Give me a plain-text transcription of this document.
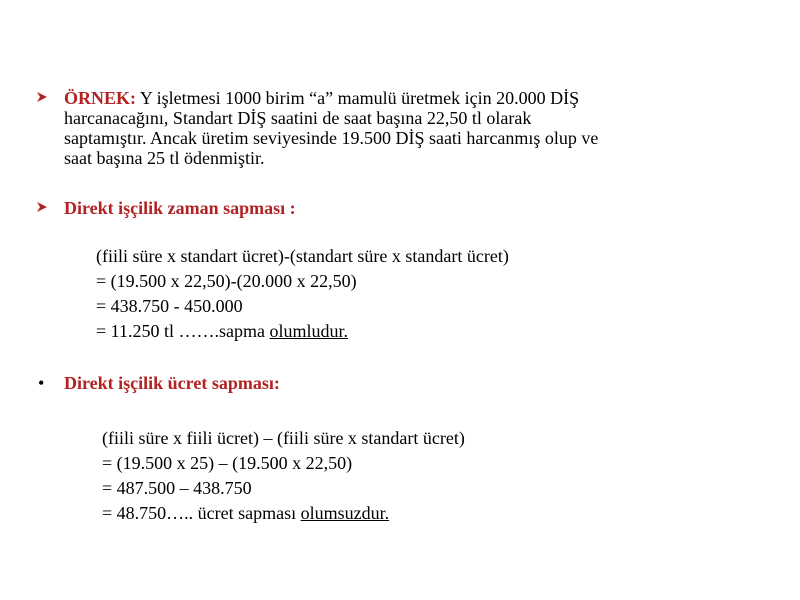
ÖRNEK: Y işletmesi 1000 birim “a” mamulü üretmek için 20.000 DİŞ
harcanacağını, Standart DİŞ saatini de saat başına 22,50 tl olarak
saptamıştır. Ancak üretim seviyesinde 19.500 DİŞ saati harcanmış olup ve
saat başına 25 tl ödenmiştir.
Direkt işçilik zaman sapması :
(fiili süre x standart ücret)-(standart süre x standart ücret)
= (19.500 x 22,50)-(20.000 x 22,50)
= 438.750 - 450.000
= 11.250 tl …….sapma olumludur.
• Direkt işçilik ücret sapması:
(fiili süre x fiili ücret) – (fiili süre x standart ücret)
= (19.500 x 25) – (19.500 x 22,50)
= 487.500 – 438.750
= 48.750….. ücret sapması olumsuzdur.
